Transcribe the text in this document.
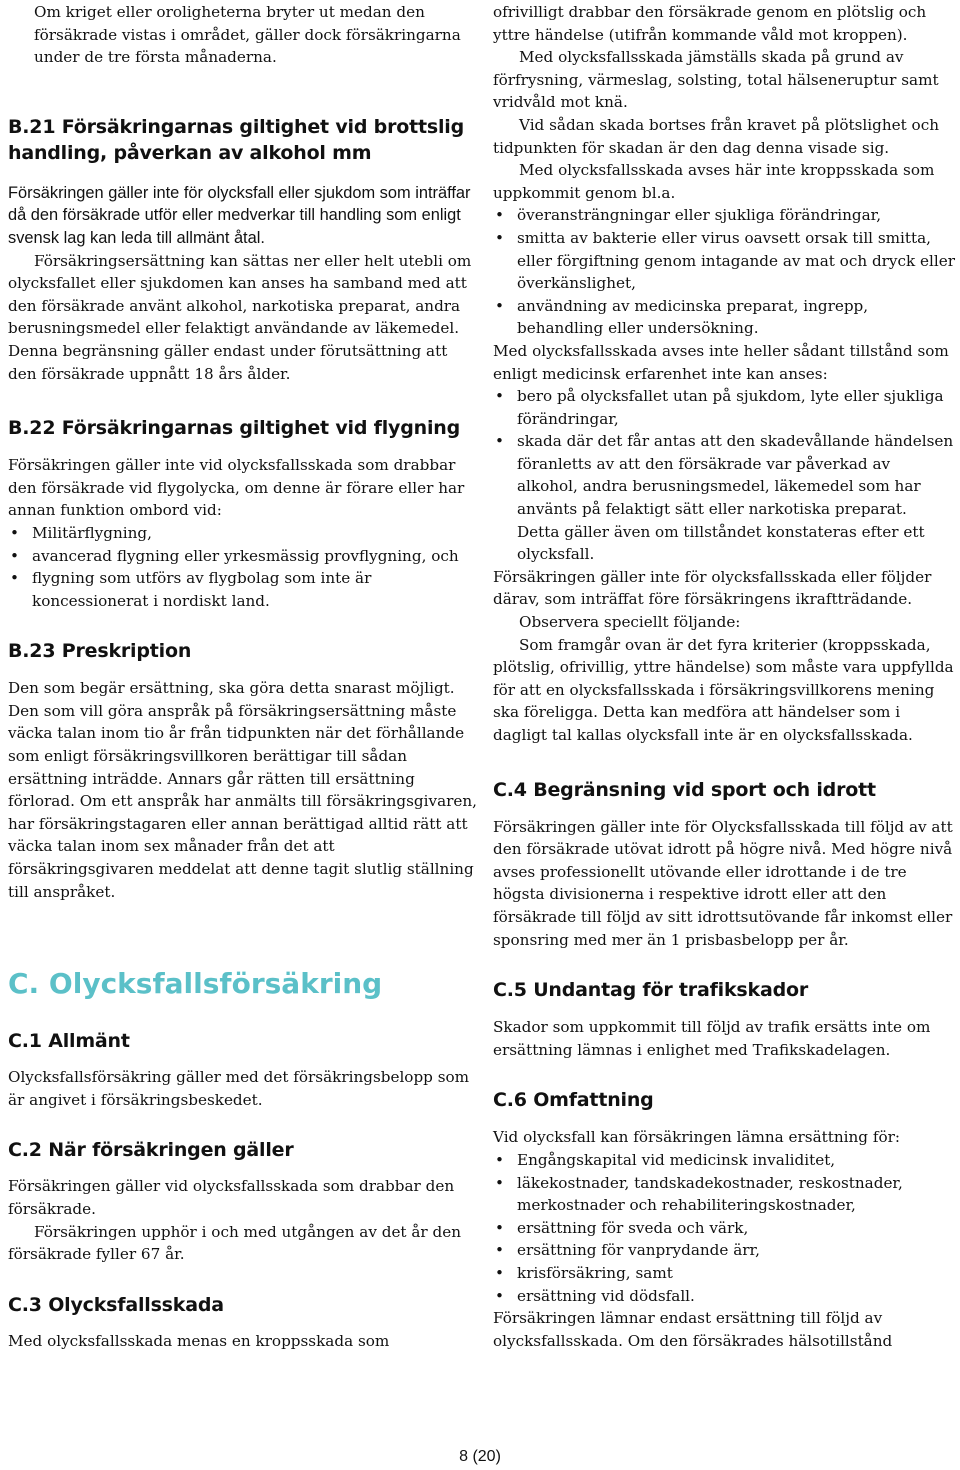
Om kriget eller oroligheterna bryter ut medan den försäkrade vistas i området, gäller dock försäkringarna under de tre första månaderna.

B.21 Försäkringarnas giltighet vid brottslig handling, påverkan av alkohol mm

Försäkringen gäller inte för olycksfall eller sjukdom som inträffar då den försäkrade utför eller medverkar till handling som enligt svensk lag kan leda till allmänt åtal.

Försäkringsersättning kan sättas ner eller helt utebli om olycksfallet eller sjukdomen kan anses ha samband med att den försäkrade använt alkohol, narkotiska preparat, andra berusningsmedel eller felaktigt användande av läkemedel. Denna begränsning gäller endast under förutsättning att den försäkrade uppnått 18 års ålder.

B.22 Försäkringarnas giltighet vid flygning

Försäkringen gäller inte vid olycksfallsskada som drabbar den försäkrade vid flygolycka, om denne är förare eller har annan funktion ombord vid:

• Militärflygning,
• avancerad flygning eller yrkesmässig provflygning, och
• flygning som utförs av flygbolag som inte är koncessionerat i nordiskt land.
B.23 Preskription

Den som begär ersättning, ska göra detta snarast möjligt. Den som vill göra anspråk på försäkringsersättning måste väcka talan inom tio år från tidpunkten när det förhållande som enligt försäkringsvillkoren berättigar till sådan ersättning inträdde. Annars går rätten till ersättning förlorad. Om ett anspråk har anmälts till försäkringsgivaren, har försäkringstagaren eller annan berättigad alltid rätt att väcka talan inom sex månader från det att försäkringsgivaren meddelat att denne tagit slutlig ställning till anspråket.

C. Olycksfallsförsäkring
C.1 Allmänt

Olycksfallsförsäkring gäller med det försäkringsbelopp som är angivet i försäkringsbeskedet.

C.2 När försäkringen gäller

Försäkringen gäller vid olycksfallsskada som drabbar den försäkrade.

Försäkringen upphör i och med utgången av det år den försäkrade fyller 67 år.

C.3 Olycksfallsskada

Med olycksfallsskada menas en kroppsskada som

ofrivilligt drabbar den försäkrade genom en plötslig och yttre händelse (utifrån kommande våld mot kroppen).

Med olycksfallsskada jämställs skada på grund av förfrysning, värmeslag, solsting, total hälseneruptur samt vridvåld mot knä.

Vid sådan skada bortses från kravet på plötslighet och tidpunkten för skadan är den dag denna visade sig.

Med olycksfallsskada avses här inte kroppsskada som uppkommit genom bl.a.

• överansträngningar eller sjukliga förändringar,
• smitta av bakterie eller virus oavsett orsak till smitta, eller förgiftning genom intagande av mat och dryck eller överkänslighet,
• användning av medicinska preparat, ingrepp, behandling eller undersökning.

Med olycksfallsskada avses inte heller sådant tillstånd som enligt medicinsk erfarenhet inte kan anses:

• bero på olycksfallet utan på sjukdom, lyte eller sjukliga förändringar,
• skada där det får antas att den skadevållande händelsen föranletts av att den försäkrade var påverkad av alkohol, andra berusningsmedel, läkemedel som har använts på felaktigt sätt eller narkotiska preparat.

Detta gäller även om tillståndet konstateras efter ett olycksfall.

Försäkringen gäller inte för olycksfallsskada eller följder därav, som inträffat före försäkringens ikraftträdande.

Observera speciellt följande:

Som framgår ovan är det fyra kriterier (kroppsskada, plötslig, ofrivillig, yttre händelse) som måste vara uppfyllda för att en olycksfallsskada i försäkringsvillkorens mening ska föreligga. Detta kan medföra att händelser som i dagligt tal kallas olycksfall inte är en olycksfallsskada.

C.4 Begränsning vid sport och idrott

Försäkringen gäller inte för Olycksfallsskada till följd av att den försäkrade utövat idrott på högre nivå. Med högre nivå avses professionellt utövande eller idrottande i de tre högsta divisionerna i respektive idrott eller att den försäkrade till följd av sitt idrottsutövande får inkomst eller sponsring med mer än 1 prisbasbelopp per år.

C.5 Undantag för trafikskador

Skador som uppkommit till följd av trafik ersätts inte om ersättning lämnas i enlighet med Trafikskadelagen.

C.6 Omfattning

Vid olycksfall kan försäkringen lämna ersättning för:

• Engångskapital vid medicinsk invaliditet,
• läkekostnader, tandskadekostnader, reskostnader, merkostnader och rehabiliteringskostnader,
• ersättning för sveda och värk,
• ersättning för vanprydande ärr,
• krisförsäkring, samt
• ersättning vid dödsfall.

Försäkringen lämnar endast ersättning till följd av olycksfallsskada. Om den försäkrades hälsotillstånd

8 (20)
